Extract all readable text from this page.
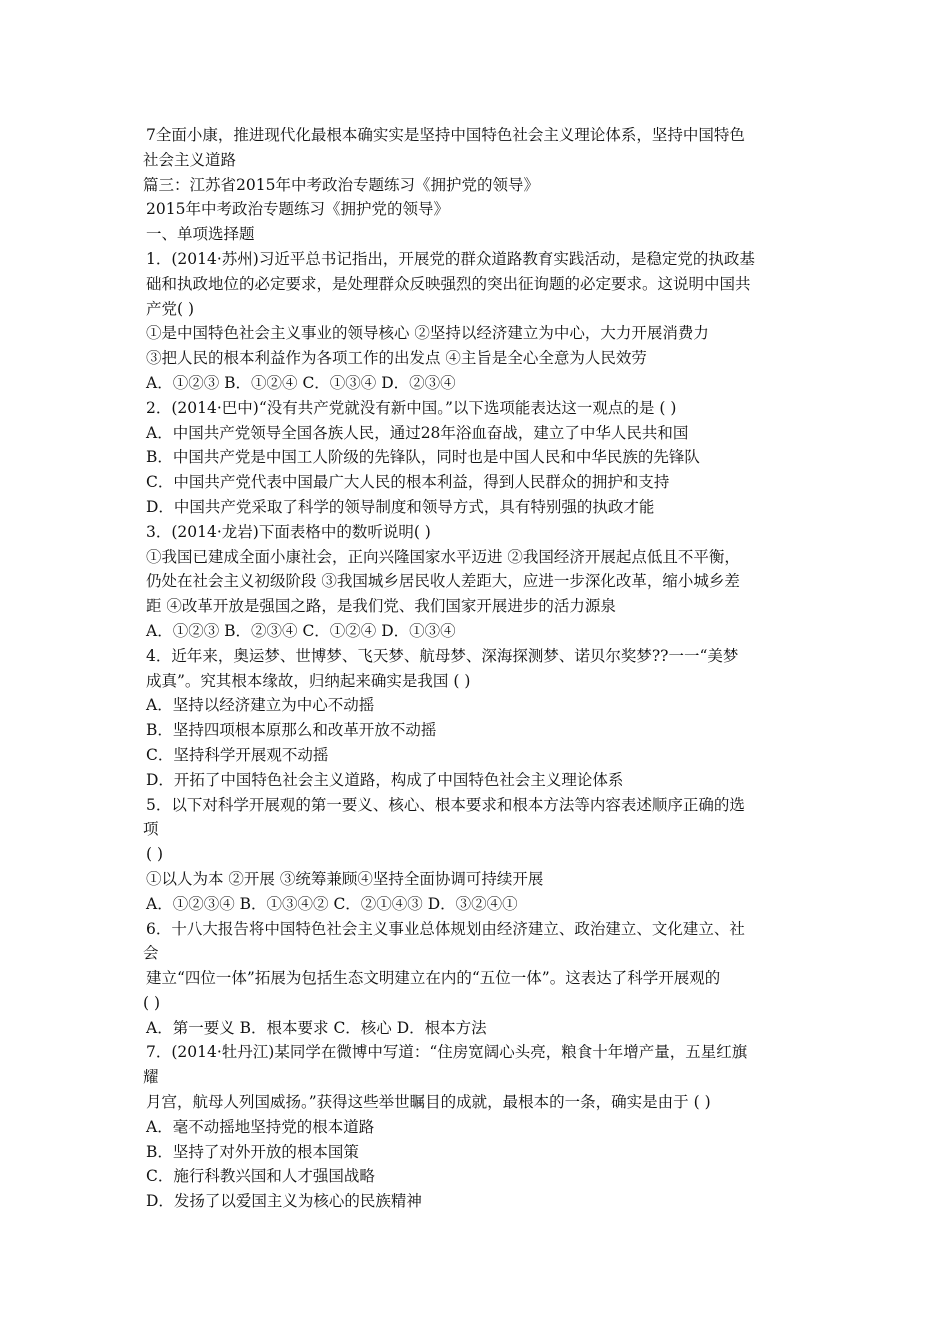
7全面小康，推进现代化最根本确实实是坚持中国特色社会主义理论体系，坚持中国特色
社会主义道路
篇三：江苏省2015年中考政治专题练习《拥护党的领导》
2015年中考政治专题练习《拥护党的领导》
一、单项选择题
1．(2014·苏州)习近平总书记指出，开展党的群众道路教育实践活动，是稳定党的执政基
础和执政地位的必定要求，是处理群众反映强烈的突出征询题的必定要求。这说明中国共
产党( )
①是中国特色社会主义事业的领导核心 ②坚持以经济建立为中心，大力开展消费力
③把人民的根本利益作为各项工作的出发点 ④主旨是全心全意为人民效劳
A．①②③ B．①②④ C．①③④ D．②③④
2．(2014·巴中)“没有共产党就没有新中国。”以下选项能表达这一观点的是 ( )
A．中国共产党领导全国各族人民，通过28年浴血奋战，建立了中华人民共和国
B．中国共产党是中国工人阶级的先锋队，同时也是中国人民和中华民族的先锋队
C．中国共产党代表中国最广大人民的根本利益，得到人民群众的拥护和支持
D．中国共产党采取了科学的领导制度和领导方式，具有特别强的执政才能
3．(2014·龙岩)下面表格中的数听说明( )
①我国已建成全面小康社会，正向兴隆国家水平迈进 ②我国经济开展起点低且不平衡，
仍处在社会主义初级阶段 ③我国城乡居民收人差距大，应进一步深化改革，缩小城乡差
距 ④改革开放是强国之路，是我们党、我们国家开展进步的活力源泉
A．①②③ B．②③④ C．①②④ D．①③④
4．近年来，奥运梦、世博梦、飞天梦、航母梦、深海探测梦、诺贝尔奖梦??一一“美梦
成真”。究其根本缘故，归纳起来确实是我国 ( )
A．坚持以经济建立为中心不动摇
B．坚持四项根本原那么和改革开放不动摇
C．坚持科学开展观不动摇
D．开拓了中国特色社会主义道路，构成了中国特色社会主义理论体系
5．以下对科学开展观的第一要义、核心、根本要求和根本方法等内容表述顺序正确的选
项
( )
①以人为本 ②开展 ③统筹兼顾④坚持全面协调可持续开展
A．①②③④ B．①③④② C．②①④③ D．③②④①
6．十八大报告将中国特色社会主义事业总体规划由经济建立、政治建立、文化建立、社
会
建立“四位一体”拓展为包括生态文明建立在内的“五位一体”。这表达了科学开展观的
( )
A．第一要义 B．根本要求 C．核心 D．根本方法
7．(2014·牡丹江)某同学在微博中写道：“住房宽阔心头亮，粮食十年增产量，五星红旗
耀
月宫，航母人列国威扬。”获得这些举世瞩目的成就，最根本的一条，确实是由于 ( )
A．毫不动摇地坚持党的根本道路
B．坚持了对外开放的根本国策
C．施行科教兴国和人才强国战略
D．发扬了以爱国主义为核心的民族精神
